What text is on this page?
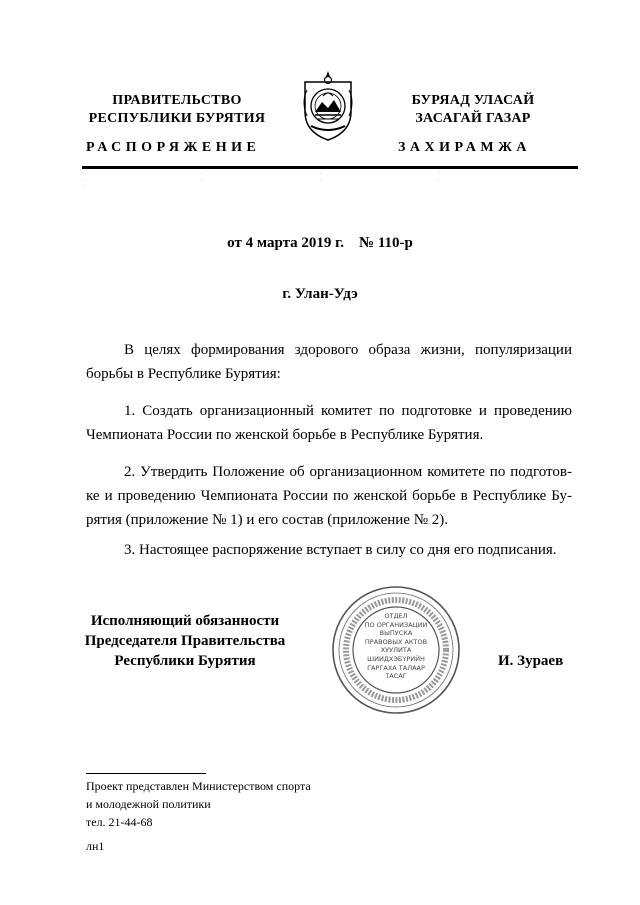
ПРАВИТЕЛЬСТВО
РЕСПУБЛИКИ БУРЯТИЯ
БУРЯАД УЛАСАЙ
ЗАСАГАЙ ГАЗАР
РАСПОРЯЖЕНИЕ	ЗАХИРАМЖА
. . . . . . . . .
от 4 марта 2019 г.    № 110-р
г. Улан-Удэ

В целях формирования здорового образа жизни, популяризации борьбы в Республике Бурятия:

1. Создать организационный комитет по подготовке и проведению Чемпионата России по женской борьбе в Республике Бурятия.

2. Утвердить Положение об организационном комитете по подготов-ке и проведению Чемпионата России по женской борьбе в Республике Бу-рятия (приложение № 1) и его состав (приложение № 2).

3. Настоящее распоряжение вступает в силу со дня его подписания.

Исполняющий обязанности
Председателя Правительства
Республики Бурятия
ОТДЕЛ
ПО ОРГАНИЗАЦИИ
ВЫПУСКА
ПРАВОВЫХ АКТОВ
ХУУЛИТА
ШИИДХЭБҮРИЙН
ГАРГАХА ТАЛААР
ТАСАГ
И. Зураев
Проект представлен Министерством спорта
и молодежной политики
тел. 21-44-68
лн1
